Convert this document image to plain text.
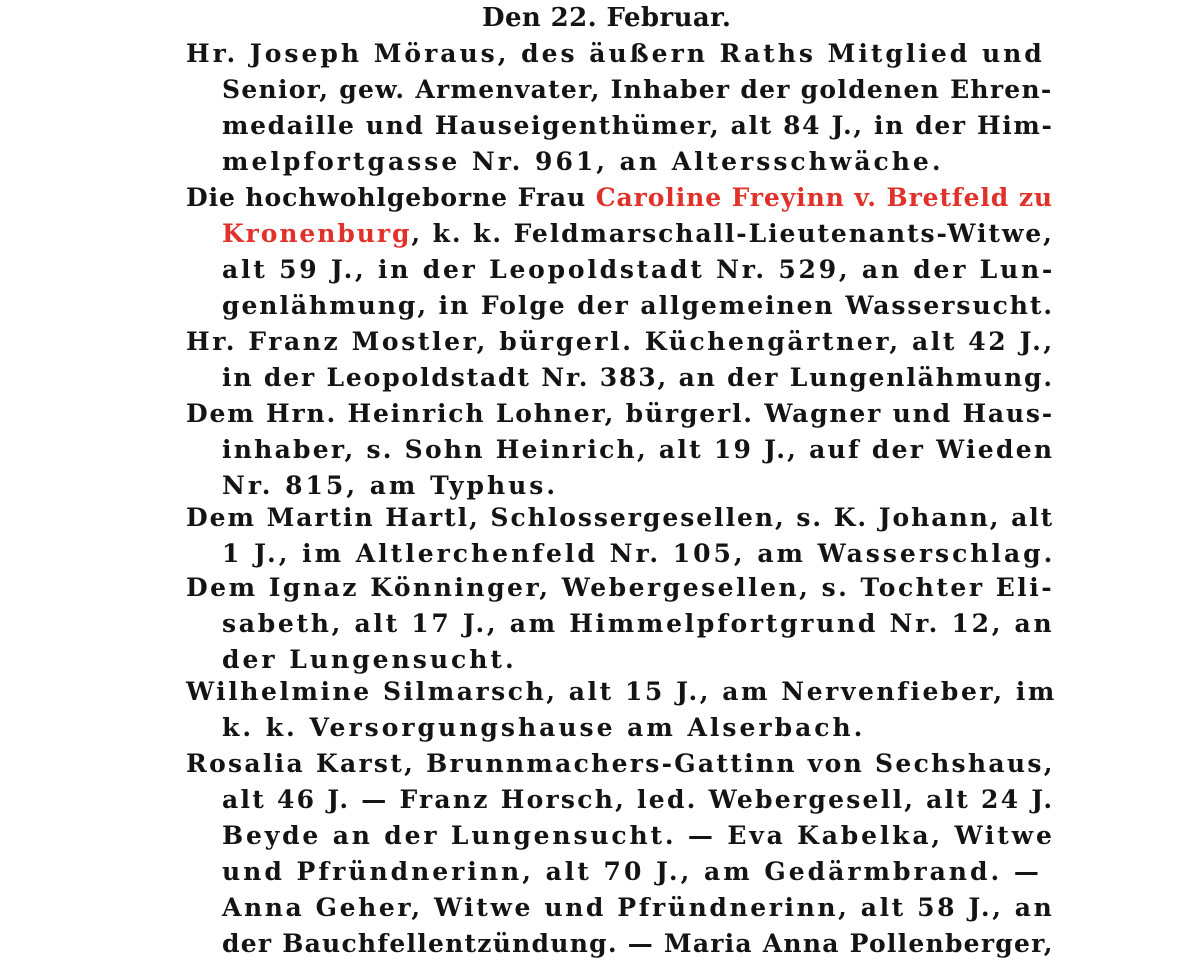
Den 22. Februar.
Hr. Joseph Möraus, des äußern Raths Mitglied und
Senior, gew. Armenvater, Inhaber der goldenen Ehren-
medaille und Hauseigenthümer, alt 84 J., in der Him-
melpfortgasse Nr. 961, an Altersschwäche.
Die hochwohlgeborne Frau Caroline Freyinn v. Bretfeld zu
Kronenburg, k. k. Feldmarschall-Lieutenants-Witwe,
alt 59 J., in der Leopoldstadt Nr. 529, an der Lun-
genlähmung, in Folge der allgemeinen Wassersucht.
Hr. Franz Mostler, bürgerl. Küchengärtner, alt 42 J.,
in der Leopoldstadt Nr. 383, an der Lungenlähmung.
Dem Hrn. Heinrich Lohner, bürgerl. Wagner und Haus-
inhaber, s. Sohn Heinrich, alt 19 J., auf der Wieden
Nr. 815, am Typhus.
Dem Martin Hartl, Schlossergesellen, s. K. Johann, alt
1 J., im Altlerchenfeld Nr. 105, am Wasserschlag.
Dem Ignaz Könninger, Webergesellen, s. Tochter Eli-
sabeth, alt 17 J., am Himmelpfortgrund Nr. 12, an
der Lungensucht.
Wilhelmine Silmarsch, alt 15 J., am Nervenfieber, im
k. k. Versorgungshause am Alserbach.
Rosalia Karst, Brunnmachers-Gattinn von Sechshaus,
alt 46 J. — Franz Horsch, led. Webergesell, alt 24 J.
Beyde an der Lungensucht. — Eva Kabelka, Witwe
und Pfründnerinn, alt 70 J., am Gedärmbrand. —
Anna Geher, Witwe und Pfründnerinn, alt 58 J., an
der Bauchfellentzündung. — Maria Anna Pollenberger,
